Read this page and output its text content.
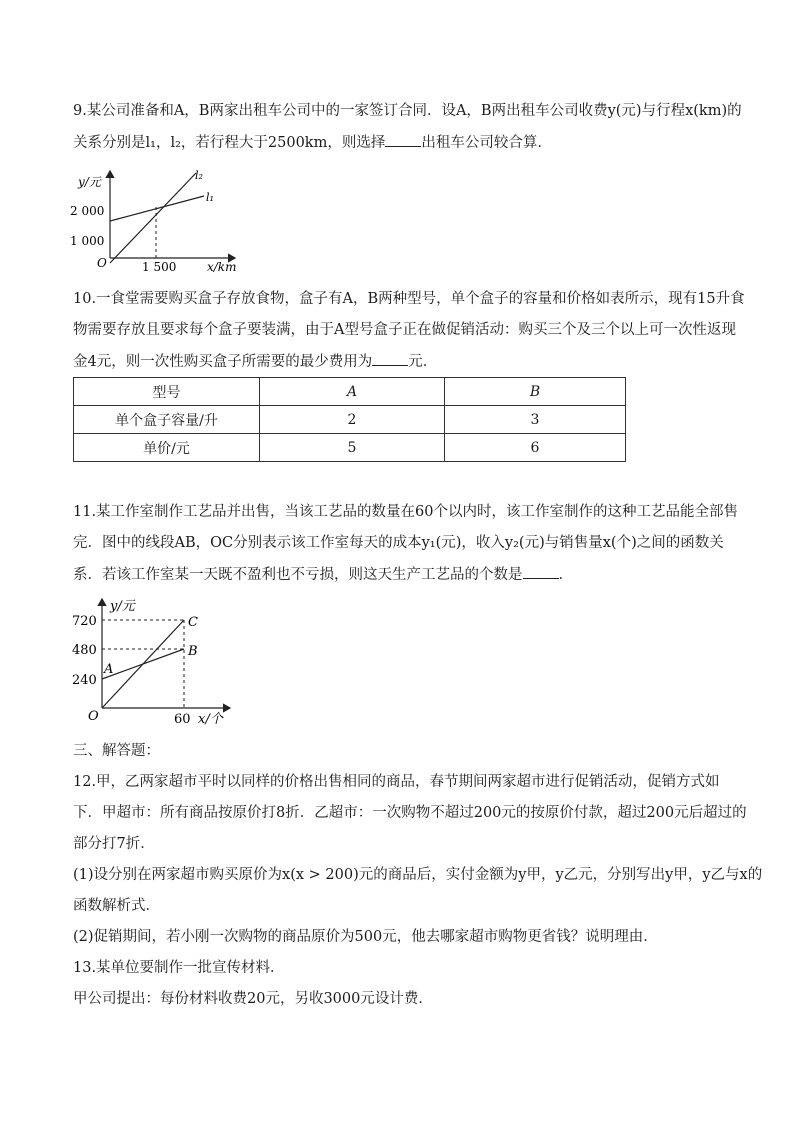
9.某公司准备和A，B两家出租车公司中的一家签订合同．设A，B两出租车公司收费y(元)与行程x(km)的
关系分别是l₁，l₂，若行程大于2500km，则选择 出租车公司较合算．
y/元
2 000
1 000
O	1 500	x/km
l₂
l₁
10.一食堂需要购买盒子存放食物，盒子有A，B两种型号，单个盒子的容量和价格如表所示，现有15升食
物需要存放且要求每个盒子要装满，由于A型号盒子正在做促销活动：购买三个及三个以上可一次性返现
金4元，则一次性购买盒子所需要的最少费用为 元．
型号	A	B
单个盒子容量/升	2	3
单价/元	5	6
11.某工作室制作工艺品并出售，当该工艺品的数量在60个以内时，该工作室制作的这种工艺品能全部售
完．图中的线段AB，OC分别表示该工作室每天的成本y₁(元)，收入y₂(元)与销售量x(个)之间的函数关
系．若该工作室某一天既不盈利也不亏损，则这天生产工艺品的个数是 ．
y/元
720
480
240
O	60 x/个
A
B
C
三、解答题：
12.甲，乙两家超市平时以同样的价格出售相同的商品，春节期间两家超市进行促销活动，促销方式如
下．甲超市：所有商品按原价打8折．乙超市：一次购物不超过200元的按原价付款，超过200元后超过的
部分打7折．
(1)设分别在两家超市购买原价为x(x > 200)元的商品后，实付金额为y甲，y乙元，分别写出y甲，y乙与x的
函数解析式．
(2)促销期间，若小刚一次购物的商品原价为500元，他去哪家超市购物更省钱？说明理由．
13.某单位要制作一批宣传材料．
甲公司提出：每份材料收费20元，另收3000元设计费．
